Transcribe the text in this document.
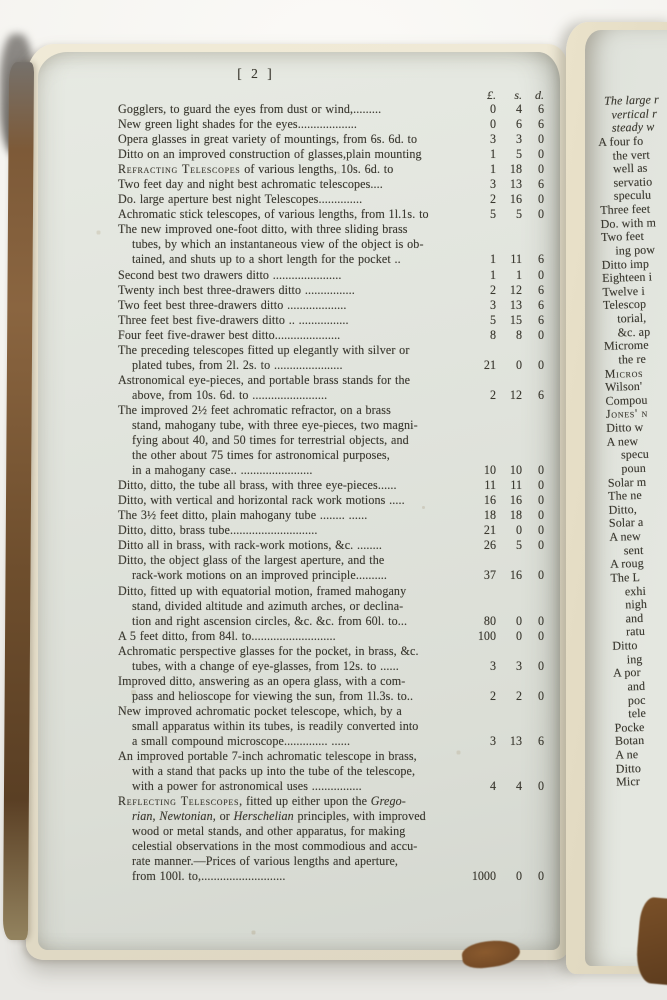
[ 2 ]
£.	s.	d.
Gogglers, to guard the eyes from dust or wind,.........	0	4	6
New green light shades for the eyes...................	0	6	6
Opera glasses in great variety of mountings, from 6s. 6d. to	3	3	0
Ditto on an improved construction of glasses,plain mounting	1	5	0
Refracting Telescopes of various lengths, 10s. 6d. to	1	18	0
Two feet day and night best achromatic telescopes....	3	13	6
Do. large aperture best night Telescopes..............	2	16	0
Achromatic stick telescopes, of various lengths, from 1l.1s. to	5	5	0
The new improved one-foot ditto, with three sliding brass
tubes, by which an instantaneous view of the object is ob-
tained, and shuts up to a short length for the pocket ..	1	11	6
Second best two drawers ditto ......................	1	1	0
Twenty inch best three-drawers ditto ................	2	12	6
Two feet best three-drawers ditto ...................	3	13	6
Three feet best five-drawers ditto .. ................	5	15	6
Four feet five-drawer best ditto.....................	8	8	0
The preceding telescopes fitted up elegantly with silver or
plated tubes, from 2l. 2s. to ......................	21	0	0
Astronomical eye-pieces, and portable brass stands for the
above, from 10s. 6d. to ........................	2	12	6
The improved 2½ feet achromatic refractor, on a brass
stand, mahogany tube, with three eye-pieces, two magni-
fying about 40, and 50 times for terrestrial objects, and
the other about 75 times for astronomical purposes,
in a mahogany case.. .......................	10	10	0
Ditto, ditto, the tube all brass, with three eye-pieces......	11	11	0
Ditto, with vertical and horizontal rack work motions .....	16	16	0
The 3½ feet ditto, plain mahogany tube ........ ......	18	18	0
Ditto, ditto, brass tube............................	21	0	0
Ditto all in brass, with rack-work motions, &c. ........	26	5	0
Ditto, the object glass of the largest aperture, and the
rack-work motions on an improved principle..........	37	16	0
Ditto, fitted up with equatorial motion, framed mahogany
stand, divided altitude and azimuth arches, or declina-
tion and right ascension circles, &c. &c. from 60l. to...	80	0	0
A 5 feet ditto, from 84l. to...........................	100	0	0
Achromatic perspective glasses for the pocket, in brass, &c.
tubes, with a change of eye-glasses, from 12s. to ......	3	3	0
Improved ditto, answering as an opera glass, with a com-
pass and helioscope for viewing the sun, from 1l.3s. to..	2	2	0
New improved achromatic pocket telescope, which, by a
small apparatus within its tubes, is readily converted into
a small compound microscope.............. ......	3	13	6
An improved portable 7-inch achromatic telescope in brass,
with a stand that packs up into the tube of the telescope,
with a power for astronomical uses ................	4	4	0
Reflecting Telescopes, fitted up either upon the Grego-
rian, Newtonian, or Herschelian principles, with improved
wood or metal stands, and other apparatus, for making
celestial observations in the most commodious and accu-
rate manner.—Prices of various lengths and aperture,
from 100l. to,...........................	1000	0	0
The large r
vertical r
steady w
A four fo
the vert
well as
servatio
speculu
Three feet
Do. with m
Two feet
ing pow
Ditto imp
Eighteen i
Twelve i
Telescop
torial,
&c. ap
Microme
the re
Micros
Wilson'
Compou
Jones' n
Ditto w
A new
specu
poun
Solar m
The ne
Ditto,
Solar a
A new
sent
A roug
The L
exhi
nigh
and
ratu
Ditto
ing
A por
and
poc
tele
Pocke
Botan
A ne
Ditto
Micr
